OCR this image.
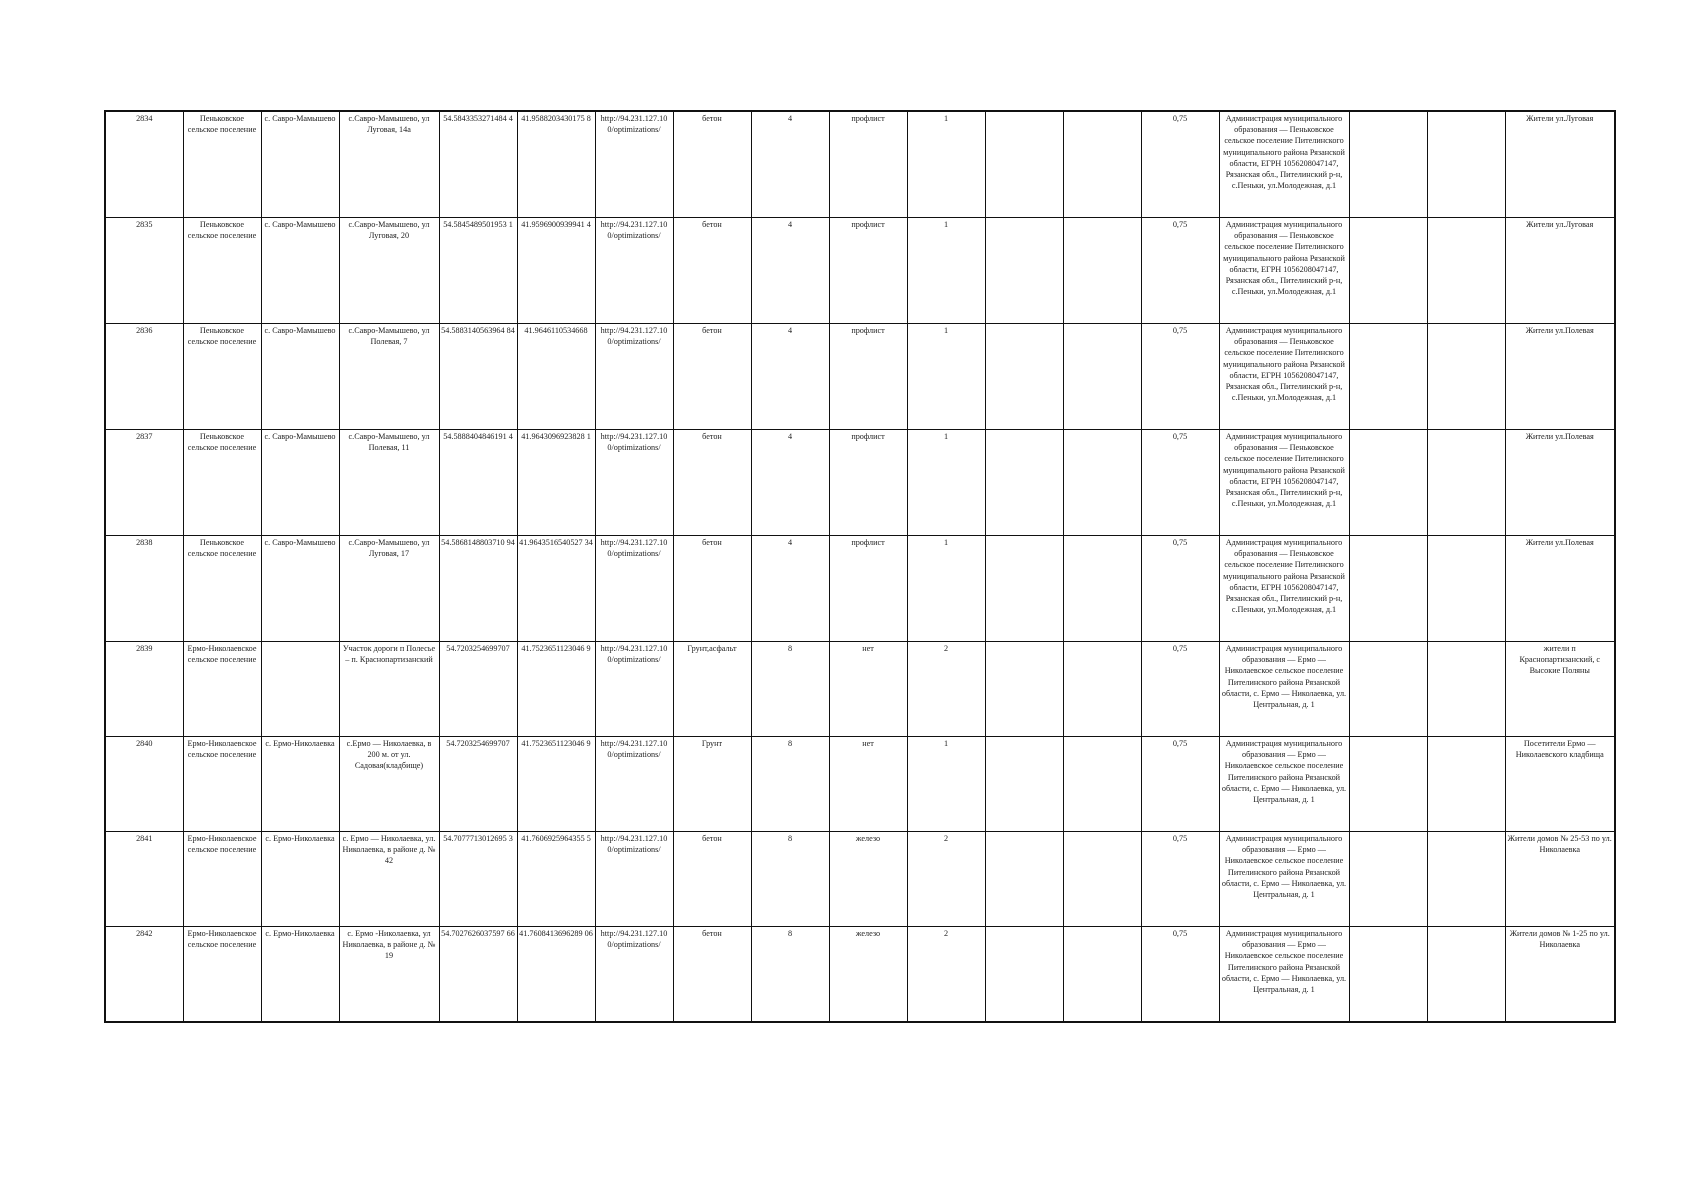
2834	Пеньковское сельское поселение	с. Савро-Мамышево	с.Савро-Мамышево, ул Луговая, 14а	54.5843353271484 4	41.9588203430175 8	http://94.231.127.10 0/optimizations/	бетон	4	профлист	1			0,75	Администрация муниципального образования — Пеньковское сельское поселение Пителинского муниципального района Рязанской области, ЕГРН 1056208047147, Рязанская обл., Пителинский р-н, с.Пеньки, ул.Молодежная, д.1			Жители ул.Луговая
2835	Пеньковское сельское поселение	с. Савро-Мамышево	с.Савро-Мамышево, ул Луговая, 20	54.5845489501953 1	41.9596900939941 4	http://94.231.127.10 0/optimizations/	бетон	4	профлист	1			0,75	Администрация муниципального образования — Пеньковское сельское поселение Пителинского муниципального района Рязанской области, ЕГРН 1056208047147, Рязанская обл., Пителинский р-н, с.Пеньки, ул.Молодежная, д.1			Жители ул.Луговая
2836	Пеньковское сельское поселение	с. Савро-Мамышево	с.Савро-Мамышево, ул Полевая, 7	54.5883140563964 84	41.9646110534668	http://94.231.127.10 0/optimizations/	бетон	4	профлист	1			0,75	Администрация муниципального образования — Пеньковское сельское поселение Пителинского муниципального района Рязанской области, ЕГРН 1056208047147, Рязанская обл., Пителинский р-н, с.Пеньки, ул.Молодежная, д.1			Жители ул.Полевая
2837	Пеньковское сельское поселение	с. Савро-Мамышево	с.Савро-Мамышево, ул Полевая, 11	54.5888404846191 4	41.9643096923828 1	http://94.231.127.10 0/optimizations/	бетон	4	профлист	1			0,75	Администрация муниципального образования — Пеньковское сельское поселение Пителинского муниципального района Рязанской области, ЕГРН 1056208047147, Рязанская обл., Пителинский р-н, с.Пеньки, ул.Молодежная, д.1			Жители ул.Полевая
2838	Пеньковское сельское поселение	с. Савро-Мамышево	с.Савро-Мамышево, ул Луговая, 17	54.5868148803710 94	41.9643516540527 34	http://94.231.127.10 0/optimizations/	бетон	4	профлист	1			0,75	Администрация муниципального образования — Пеньковское сельское поселение Пителинского муниципального района Рязанской области, ЕГРН 1056208047147, Рязанская обл., Пителинский р-н, с.Пеньки, ул.Молодежная, д.1			Жители ул.Полевая
2839	Ермо-Николаевское сельское поселение		Участок дороги п Полесье – п. Краснопартизанский	54.7203254699707	41.7523651123046 9	http://94.231.127.10 0/optimizations/	Грунт,асфальт	8	нет	2			0,75	Администрация муниципального образования — Ермо — Николаевское сельское поселение Пителинского района Рязанской области, с. Ермо — Николаевка, ул. Центральная, д. 1			жители п Краснопартизанский, с Высокие Поляны
2840	Ермо-Николаевское сельское поселение	с. Ермо-Николаевка	с.Ермо — Николаевка, в 200 м. от ул. Садовая(кладбище)	54.7203254699707	41.7523651123046 9	http://94.231.127.10 0/optimizations/	Грунт	8	нет	1			0,75	Администрация муниципального образования — Ермо — Николаевское сельское поселение Пителинского района Рязанской области, с. Ермо — Николаевка, ул. Центральная, д. 1			Посетители Ермо — Николаевского кладбища
2841	Ермо-Николаевское сельское поселение	с. Ермо-Николаевка	с. Ермо — Николаевка, ул. Николаевка, в районе д. № 42	54.7077713012695 3	41.7606925964355 5	http://94.231.127.10 0/optimizations/	бетон	8	железо	2			0,75	Администрация муниципального образования — Ермо — Николаевское сельское поселение Пителинского района Рязанской области, с. Ермо — Николаевка, ул. Центральная, д. 1			Жители домов № 25-53 по ул. Николаевка
2842	Ермо-Николаевское сельское поселение	с. Ермо-Николаевка	с. Ермо -Николаевка, ул Николаевка, в районе д. № 19	54.7027626037597 66	41.7608413696289 06	http://94.231.127.10 0/optimizations/	бетон	8	железо	2			0,75	Администрация муниципального образования — Ермо — Николаевское сельское поселение Пителинского района Рязанской области, с. Ермо — Николаевка, ул. Центральная, д. 1			Жители домов № 1-25 по ул. Николаевка
